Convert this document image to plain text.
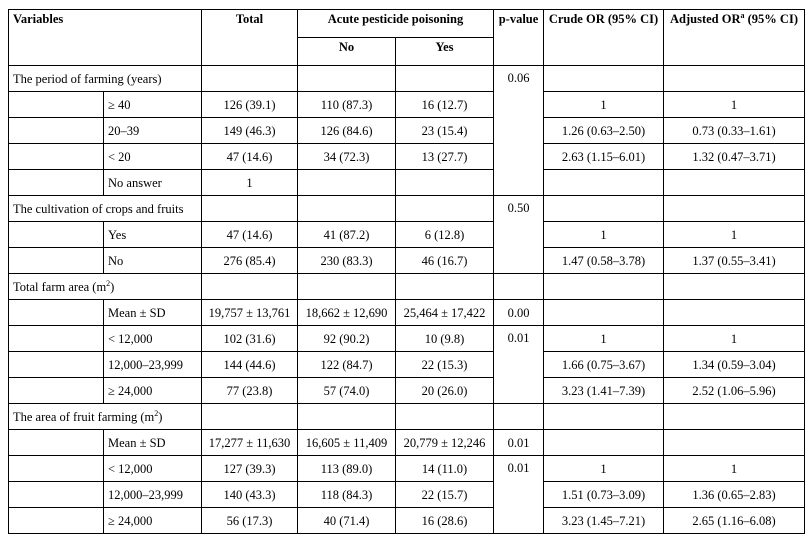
Variables		Total	Acute pesticide poisoning		p-value	Crude OR (95% CI)	Adjusted $OR^a$ (95% CI)
			No	Yes			
The period of farming (years)					0.06		
	≥ 40	126 (39.1)	110 (87.3)	16 (12.7)		1	1
	20–39	149 (46.3)	126 (84.6)	23 (15.4)		1.26 (0.63–2.50)	0.73 (0.33–1.61)
	< 20	47 (14.6)	34 (72.3)	13 (27.7)		2.63 (1.15–6.01)	1.32 (0.47–3.71)
	No answer	1					
The cultivation of crops and fruits					0.50		
	Yes	47 (14.6)	41 (87.2)	6 (12.8)		1	1
	No	276 (85.4)	230 (83.3)	46 (16.7)		1.47 (0.58–3.78)	1.37 (0.55–3.41)
Total farm area $(m^2)$							
	Mean ± SD	19,757 ± 13,761	18,662 ± 12,690	25,464 ± 17,422	0.00		
	< 12,000	102 (31.6)	92 (90.2)	10 (9.8)	0.01	1	1
	12,000–23,999	144 (44.6)	122 (84.7)	22 (15.3)		1.66 (0.75–3.67)	1.34 (0.59–3.04)
	≥ 24,000	77 (23.8)	57 (74.0)	20 (26.0)		3.23 (1.41–7.39)	2.52 (1.06–5.96)
The area of fruit farming $(m^2)$							
	Mean ± SD	17,277 ± 11,630	16,605 ± 11,409	20,779 ± 12,246	0.01		
	< 12,000	127 (39.3)	113 (89.0)	14 (11.0)	0.01	1	1
	12,000–23,999	140 (43.3)	118 (84.3)	22 (15.7)		1.51 (0.73–3.09)	1.36 (0.65–2.83)
	≥ 24,000	56 (17.3)	40 (71.4)	16 (28.6)		3.23 (1.45–7.21)	2.65 (1.16–6.08)
